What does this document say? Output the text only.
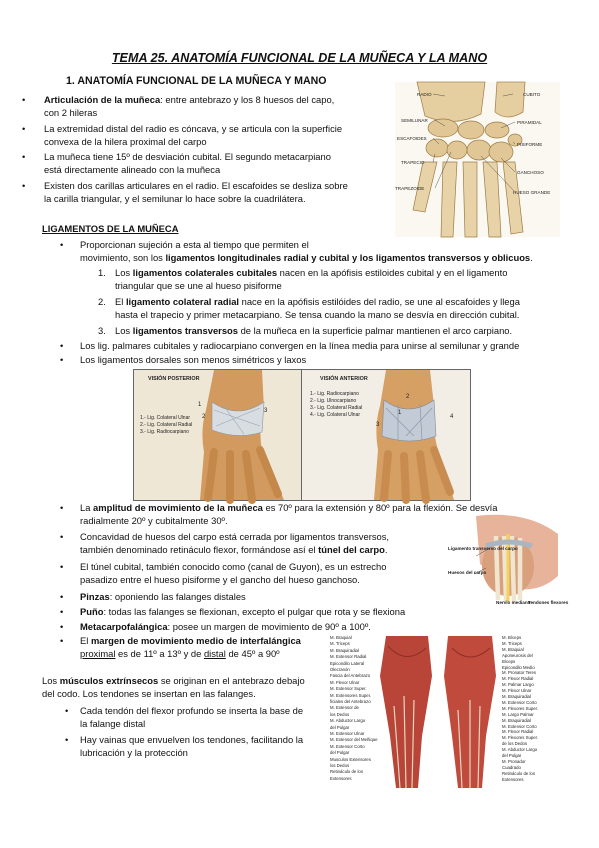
TEMA 25. ANATOMÍA FUNCIONAL DE LA MUÑECA Y LA MANO
1. ANATOMÍA FUNCIONAL DE LA MUÑECA Y MANO
• Articulación de la muñeca: entre antebrazo y los 8 huesos del capo,
con 2 hileras
• La extremidad distal del radio es cóncava, y se articula con la superficie
convexa de la hilera proximal del carpo
• La muñeca tiene 15º de desviación cubital. El segundo metacarpiano
está directamente alineado con la muñeca
• Existen dos carillas articulares en el radio. El escafoides se desliza sobre
la carilla triangular, y el semilunar lo hace sobre la cuadrilátera.
RADIO	CUBITO
SEMILUNAR	PIRAMIDAL
ESCAFOIDES
PISIFORME
TRAPECIO
GANCHOSO
TRAPEZOIDE
HUESO GRANDE
LIGAMENTOS DE LA MUÑECA
• Proporcionan sujeción a esta al tiempo que permiten el
movimiento, son los ligamentos longitudinales radial y cubital y los ligamentos transversos y oblicuos.
1. Los ligamentos colaterales cubitales nacen en la apófisis estiloides cubital y en el ligamento
triangular que se une al hueso pisiforme
2. El ligamento colateral radial nace en la apófisis estilóides del radio, se une al escafoides y llega
hasta el trapecio y primer metacarpiano. Se tensa cuando la mano se desvía en dirección cubital.
3. Los ligamentos transversos de la muñeca en la superficie palmar mantienen el arco carpiano.
• Los lig. palmares cubitales y radiocarpiano convergen en la línea media para unirse al semilunar y grande
• Los ligamentos dorsales son menos simétricos y laxos
VISIÓN POSTERIOR
1.- Lig. Colateral Ulnar
2.- Lig. Colateral Radial
3.- Lig. Radiocarpiano
1
2
3
VISIÓN ANTERIOR
1.- Lig. Radiocarpiano
2.- Lig. Ulnocarpiano
3.- Lig. Colateral Radial
4.- Lig. Colateral Ulnar
2
1
4
3
• La amplitud de movimiento de la muñeca es 70º para la extensión y 80º para la flexión. Se desvía
radialmente 20º y cubitalmente 30º.
• Concavidad de huesos del carpo está cerrada por ligamentos transversos,
también denominado retináculo flexor, formándose así el túnel del carpo.
• El túnel cubital, también conocido como (canal de Guyon), es un estrecho
pasadizo entre el hueso pisiforme y el gancho del hueso ganchoso.
• Pinzas: oponiendo las falanges distales
• Puño: todas las falanges se flexionan, excepto el pulgar que rota y se flexiona
• Metacarpofalángica: posee un margen de movimiento de 90º a 100º.
• El margen de movimiento medio de interfalángica
proximal es de 11º a 13º y de distal de 45º a 90º
Ligamento transverso del carpo
Huesos del carpo
Nervio mediano
Tendones flexores
Los músculos extrínsecos se originan en el antebrazo debajo
del codo. Los tendones se insertan en las falanges.
• Cada tendón del flexor profundo se inserta la base de
la falange distal
• Hay vainas que envuelven los tendones, facilitando la
lubricación y la protección
M. Braquial
M. Triceps
M. Braquiradial
M. Extensor Radial
Epicondilo Lateral
Olecranón
Fascia del Antebrazo
M. Flexor Ulnar
M. Extensor Super.
M. Extensores Super.
ficiales del Antebrazo
M. Extensor de
los Dedos
M. Abductor Largo
del Pulgar
M. Extensor Ulnar
M. Extensor del Meñique
M. Extensor Corto
del Pulgar
Musculos Extensores
los Dedos
Retináculo de los
Extensores
M. Bíceps
M. Triceps
M. Braquial
Aponeurosis del
Bíceps
Epicondilo Medio
M. Pronator Teres
M. Flexor Radial
M. Palmar Largo
M. Flexor Ulnar
M. Braquiradial
M. Extensor Corto
M. Flexores Super.
M. Largo Palmar
M. Braquiradial
M. Extensor Corto
M. Flexor Radial
M. Flexores Super.
de los Dedos
M. Abductor Largo
del Pulgar
M. Pronador
Cuadrado
Retináculo de los
Extensores
